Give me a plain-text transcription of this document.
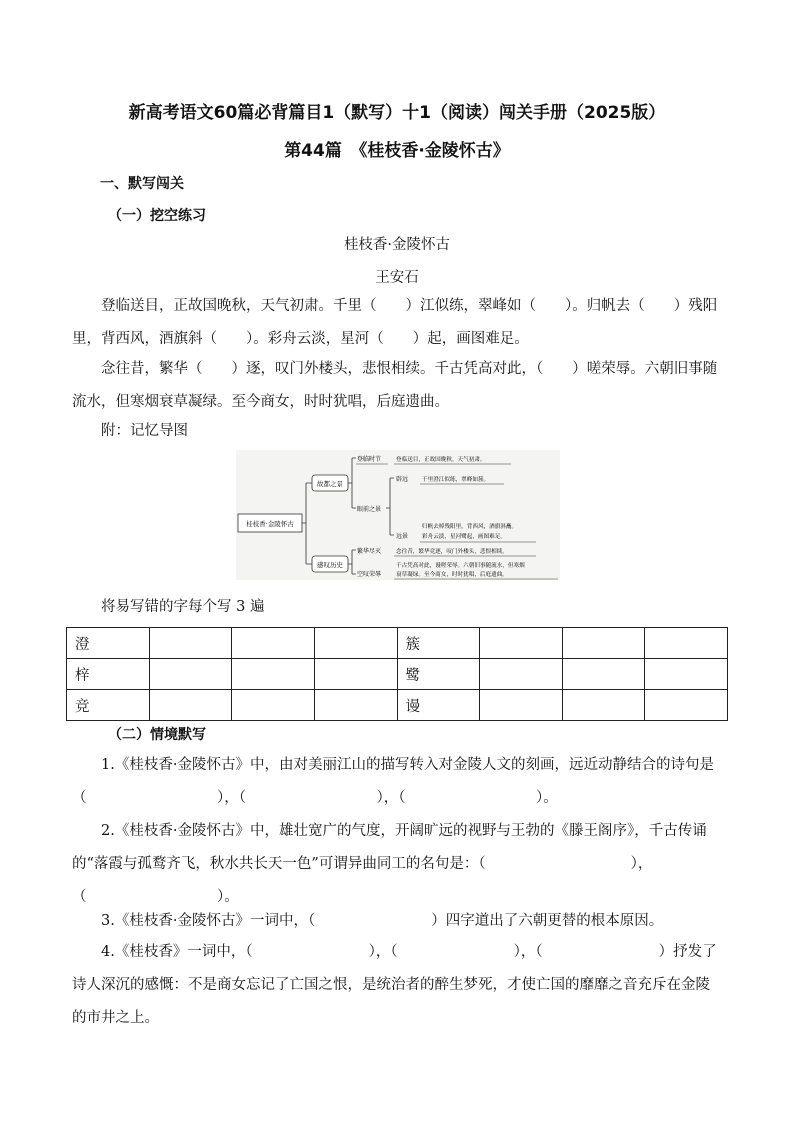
新高考语文60篇必背篇目1（默写）十1（阅读）闯关手册（2025版）
第44篇　《桂枝香·金陵怀古》
一、默写闯关
（一）挖空练习
桂枝香·金陵怀古
王安石
登临送目，正故国晚秋，天气初肃。千里（　　）江似练，翠峰如（　　）。归帆去（　　）残阳里，背西风，酒旗斜（　　）。彩舟云淡，星河（　　）起，画图难足。
念往昔，繁华（　　）逐，叹门外楼头，悲恨相续。千古凭高对此，（　　）嗟荣辱。六朝旧事随流水，但寒烟衰草凝绿。至今商女，时时犹唱，后庭遗曲。
附：记忆导图
桂枝香·金陵怀古
故都之景
感叹历史
登临时节	登临送目，正故国晚秋，天气初肃。
眼前之景
辟远 千里澄江似练，翠峰如簇。
远景
归帆去棹残阳里，背西风，酒旗斜矗。
彩舟云淡，星河鹭起，画图难足。
繁华尽灭	念往昔，繁华竞逐，叹门外楼头，悲恨相续。
空叹荣辱
千古凭高对此，谩嗟荣辱。六朝旧事随流水，但寒烟
衰草凝绿。至今商女，时时犹唱，后庭遗曲。
将易写错的字每个写 3 遍
澄				簇			
梓				鹭			
竞				谩			
（二）情境默写
1.《桂枝香·金陵怀古》中，由对美丽江山的描写转入对金陵人文的刻画，远近动静结合的诗句是（　　　　　　　　　），（　　　　　　　　　），（　　　　　　　　　）。
2.《桂枝香·金陵怀古》中，雄壮宽广的气度，开阔旷远的视野与王勃的《滕王阁序》，千古传诵的“落霞与孤鹜齐飞，秋水共长天一色”可谓异曲同工的名句是：（　　　　　　　　　　），（　　　　　　　　　）。
3.《桂枝香·金陵怀古》一词中，（　　　　　　　　）四字道出了六朝更替的根本原因。
4.《桂枝香》一词中，（　　　　　　　　），（　　　　　　　　），（　　　　　　　　）抒发了诗人深沉的感慨：不是商女忘记了亡国之恨，是统治者的醉生梦死，才使亡国的靡靡之音充斥在金陵的市井之上。
